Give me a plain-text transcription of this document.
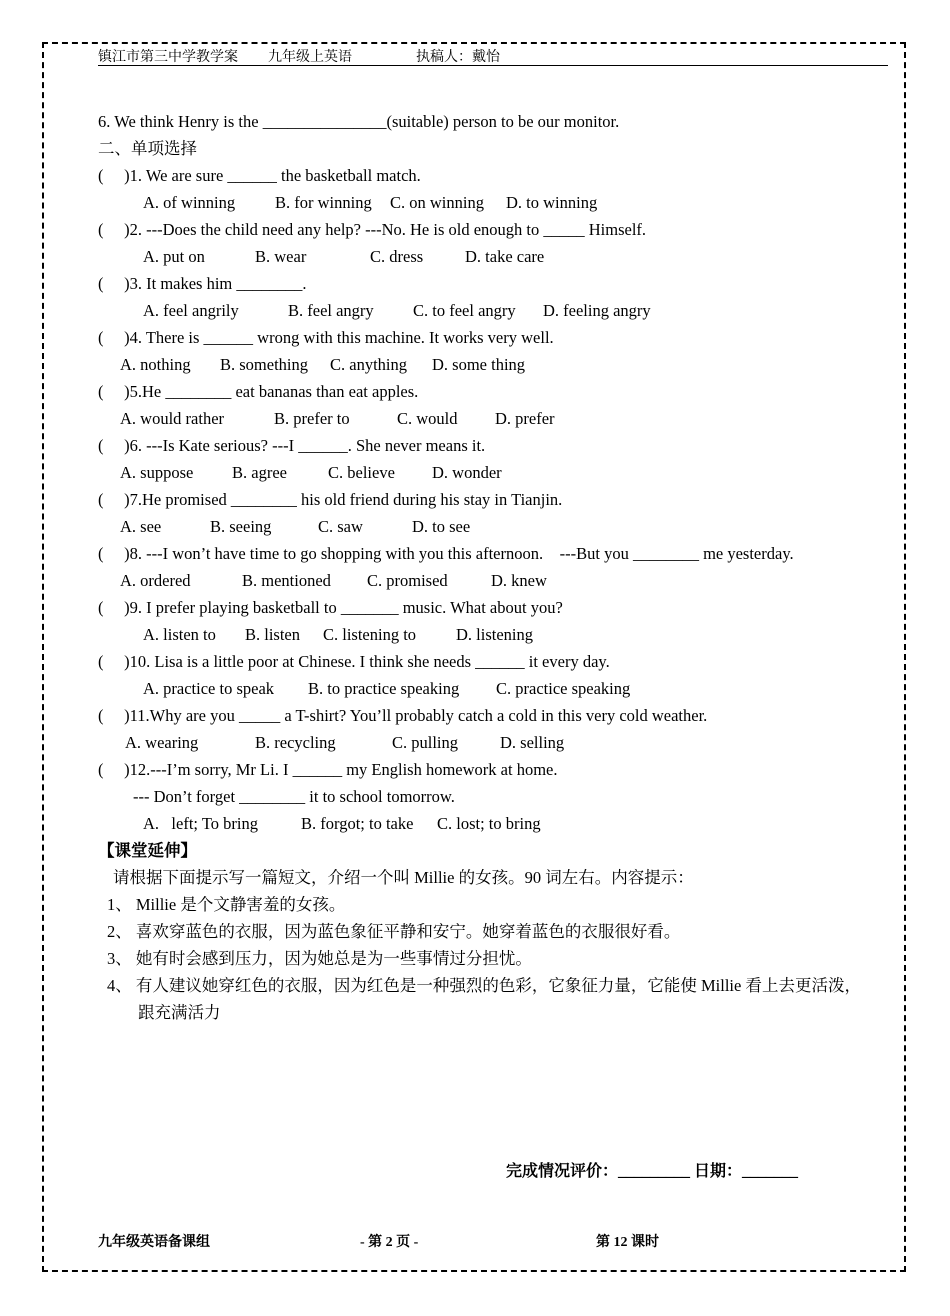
镇江市第三中学教学案 九年级上英语	执稿人：戴怡
6. We think Henry is the _______________(suitable) person to be our monitor.
二、单项选择
(     )1. We are sure ______ the basketball match.

A. of winning

B. for winning

C. on winning

D. to winning

(     )2. ---Does the child need any help? ---No. He is old enough to _____ Himself.

A. put on

	B. wear

	C. dress

	D. take care

(     )3. It makes him ________.

A. feel angrily

	B. feel angry

C. to feel angry

D. feeling angry

(     )4. There is ______ wrong with this machine. It works very well.

A. nothing

B. something

C. anything

D. some thing

(     )5.He ________ eat bananas than eat apples.

A. would rather

	B. prefer to

	C. would

D. prefer

(     )6. ---Is Kate serious? ---I ______. She never means it.

A. suppose

B. agree

C. believe

D. wonder

(     )7.He promised ________ his old friend during his stay in Tianjin.

A. see

	B. seeing

	C. saw

	D. to see

(     )8. ---I won’t have time to go shopping with you this afternoon.    ---But you ________ me yesterday.

A. ordered

	B. mentioned

C. promised

	D. knew

(     )9. I prefer playing basketball to _______ music. What about you?

A. listen to

B. listen

C. listening to

D. listening

(     )10. Lisa is a little poor at Chinese. I think she needs ______ it every day.

A. practice to speak

B. to practice speaking

C. practice speaking

(     )11.Why are you _____ a T-shirt? You’ll probably catch a cold in this very cold weather.

A. wearing

	B. recycling

	C. pulling

	D. selling

(     )12.---I’m sorry, Mr Li. I ______ my English homework at home.
--- Don’t forget ________ it to school tomorrow.

A.   left; To bring

	B. forgot; to take

C. lost; to bring

【课堂延伸】
请根据下面提示写一篇短文，介绍一个叫 Millie 的女孩。90 词左右。内容提示：
1、 Millie 是个文静害羞的女孩。
2、 喜欢穿蓝色的衣服，因为蓝色象征平静和安宁。她穿着蓝色的衣服很好看。
3、 她有时会感到压力，因为她总是为一些事情过分担忧。
4、 有人建议她穿红色的衣服，因为红色是一种强烈的色彩，它象征力量，它能使 Millie 看上去更活泼，
跟充满活力
完成情况评价：_________ 日期：_______
九年级英语备课组	- 第 2 页 -	第 12 课时
